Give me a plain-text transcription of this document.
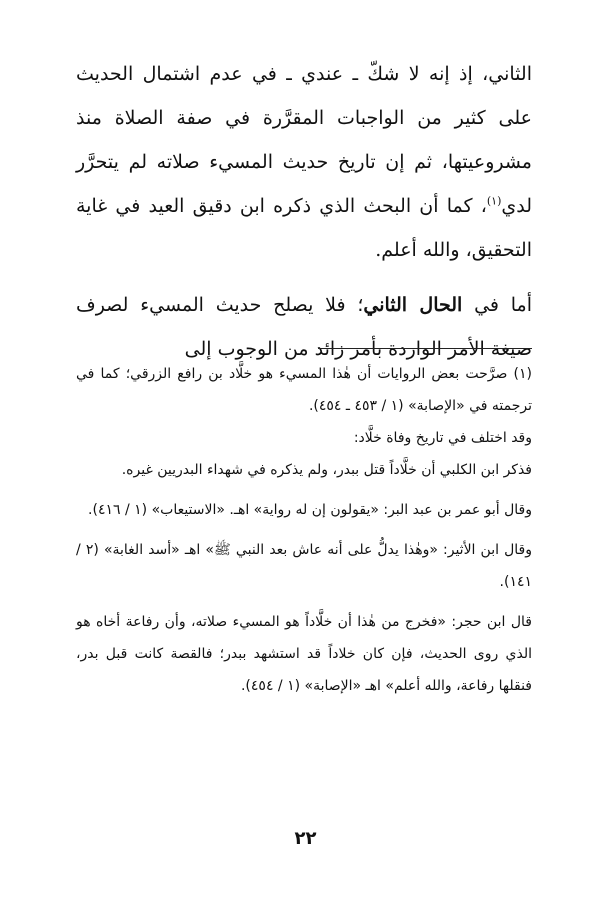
الثاني، إذ إنه لا شكّ ـ عندي ـ في عدم اشتمال الحديث على كثير من الواجبات المقرَّرة في صفة الصلاة منذ مشروعيتها، ثم إن تاريخ حديث المسيء صلاته لم يتحرَّر لدي$^{(١)}$، كما أن البحث الذي ذكره ابن دقيق العيد في غاية التحقيق، والله أعلم.

أما في الحال الثاني؛ فلا يصلح حديث المسيء لصرف صيغة الأمر الواردة بأمر زائد من الوجوب إلى

(١) صرَّحت بعض الروايات أن هٰذا المسيء هو خلَّاد بن رافع الزرقي؛ كما في ترجمته في «الإصابة» (١ / ٤٥٣ ـ ٤٥٤).

وقد اختلف في تاريخ وفاة خلَّاد:

فذكر ابن الكلبي أن خلَّاداً قتل ببدر، ولم يذكره في شهداء البدريين غيره.

وقال أبو عمر بن عبد البر: «يقولون إن له رواية» اهـ. «الاستيعاب» (١ / ٤١٦).

وقال ابن الأثير: «وهٰذا يدلُّ على أنه عاش بعد النبي ﷺ» اهـ «أسد الغابة» (٢ / ١٤١).

قال ابن حجر: «فخرج من هٰذا أن خلَّاداً هو المسيء صلاته، وأن رفاعة أخاه هو الذي روى الحديث، فإن كان خلاداً قد استشهد ببدر؛ فالقصة كانت قبل بدر، فنقلها رفاعة، والله أعلم» اهـ «الإصابة» (١ / ٤٥٤).

٢٢
